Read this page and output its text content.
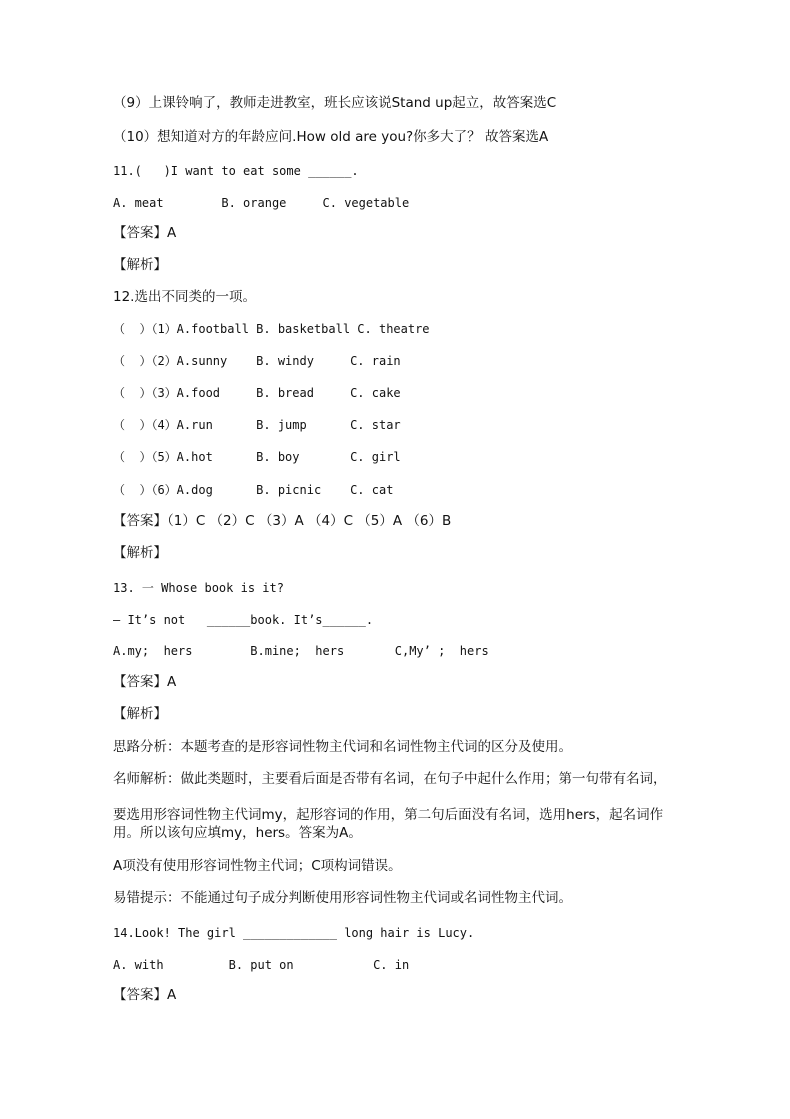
（9）上课铃响了，教师走进教室，班长应该说Stand up起立，故答案选C
（10）想知道对方的年龄应问.How old are you?你多大了？ 故答案选A
11.(   )I want to eat some ______.
A. meat        B. orange     C. vegetable
【答案】A
【解析】
12.选出不同类的一项。
（  ）（1）A.football B. basketball C. theatre
（  ）（2）A.sunny    B. windy     C. rain
（  ）（3）A.food     B. bread     C. cake
（  ）（4）A.run      B. jump      C. star
（  ）（5）A.hot      B. boy       C. girl
（  ）（6）A.dog      B. picnic    C. cat
【答案】（1）C （2）C （3）A （4）C （5）A （6）B
【解析】
13. 一 Whose book is it?
– It’s not   ______book. It’s______.
A.my;  hers        B.mine;  hers       C,My’ ;  hers
【答案】A
【解析】
思路分析：本题考查的是形容词性物主代词和名词性物主代词的区分及使用。
名师解析：做此类题时，主要看后面是否带有名词，在句子中起什么作用；第一句带有名词，
要选用形容词性物主代词my，起形容词的作用，第二句后面没有名词，选用hers，起名词作用。所以该句应填my，hers。答案为A。
A项没有使用形容词性物主代词；C项构词错误。
易错提示：不能通过句子成分判断使用形容词性物主代词或名词性物主代词。
14.Look! The girl _____________ long hair is Lucy.
A. with         B. put on           C. in
【答案】A
